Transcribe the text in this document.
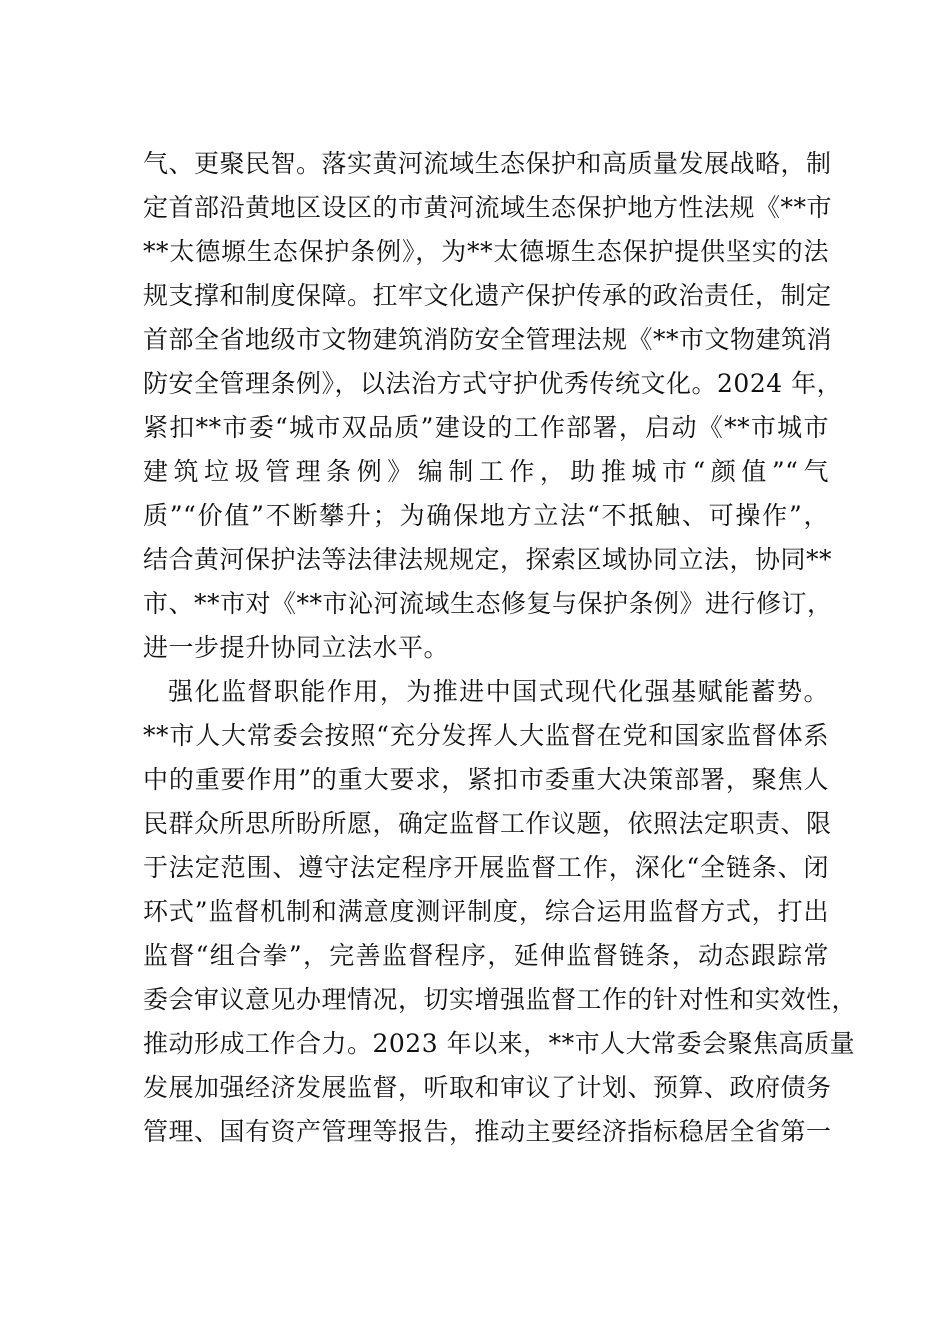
气、更聚民智。落实黄河流域生态保护和高质量发展战略，制
定首部沿黄地区设区的市黄河流域生态保护地方性法规《**市
**太德塬生态保护条例》，为**太德塬生态保护提供坚实的法
规支撑和制度保障。扛牢文化遗产保护传承的政治责任，制定
首部全省地级市文物建筑消防安全管理法规《**市文物建筑消
防安全管理条例》，以法治方式守护优秀传统文化。2024 年，
紧扣**市委“城市双品质”建设的工作部署，启动《**市城市
建筑垃圾管理条例》编制工作，助推城市“颜值”“气
质”“价值”不断攀升；为确保地方立法“不抵触、可操作”，
结合黄河保护法等法律法规规定，探索区域协同立法，协同**
市、**市对《**市沁河流域生态修复与保护条例》进行修订，
进一步提升协同立法水平。
强化监督职能作用，为推进中国式现代化强基赋能蓄势。
**市人大常委会按照“充分发挥人大监督在党和国家监督体系
中的重要作用”的重大要求，紧扣市委重大决策部署，聚焦人
民群众所思所盼所愿，确定监督工作议题，依照法定职责、限
于法定范围、遵守法定程序开展监督工作，深化“全链条、闭
环式”监督机制和满意度测评制度，综合运用监督方式，打出
监督“组合拳”，完善监督程序，延伸监督链条，动态跟踪常
委会审议意见办理情况，切实增强监督工作的针对性和实效性，
推动形成工作合力。2023 年以来，**市人大常委会聚焦高质量
发展加强经济发展监督，听取和审议了计划、预算、政府债务
管理、国有资产管理等报告，推动主要经济指标稳居全省第一
